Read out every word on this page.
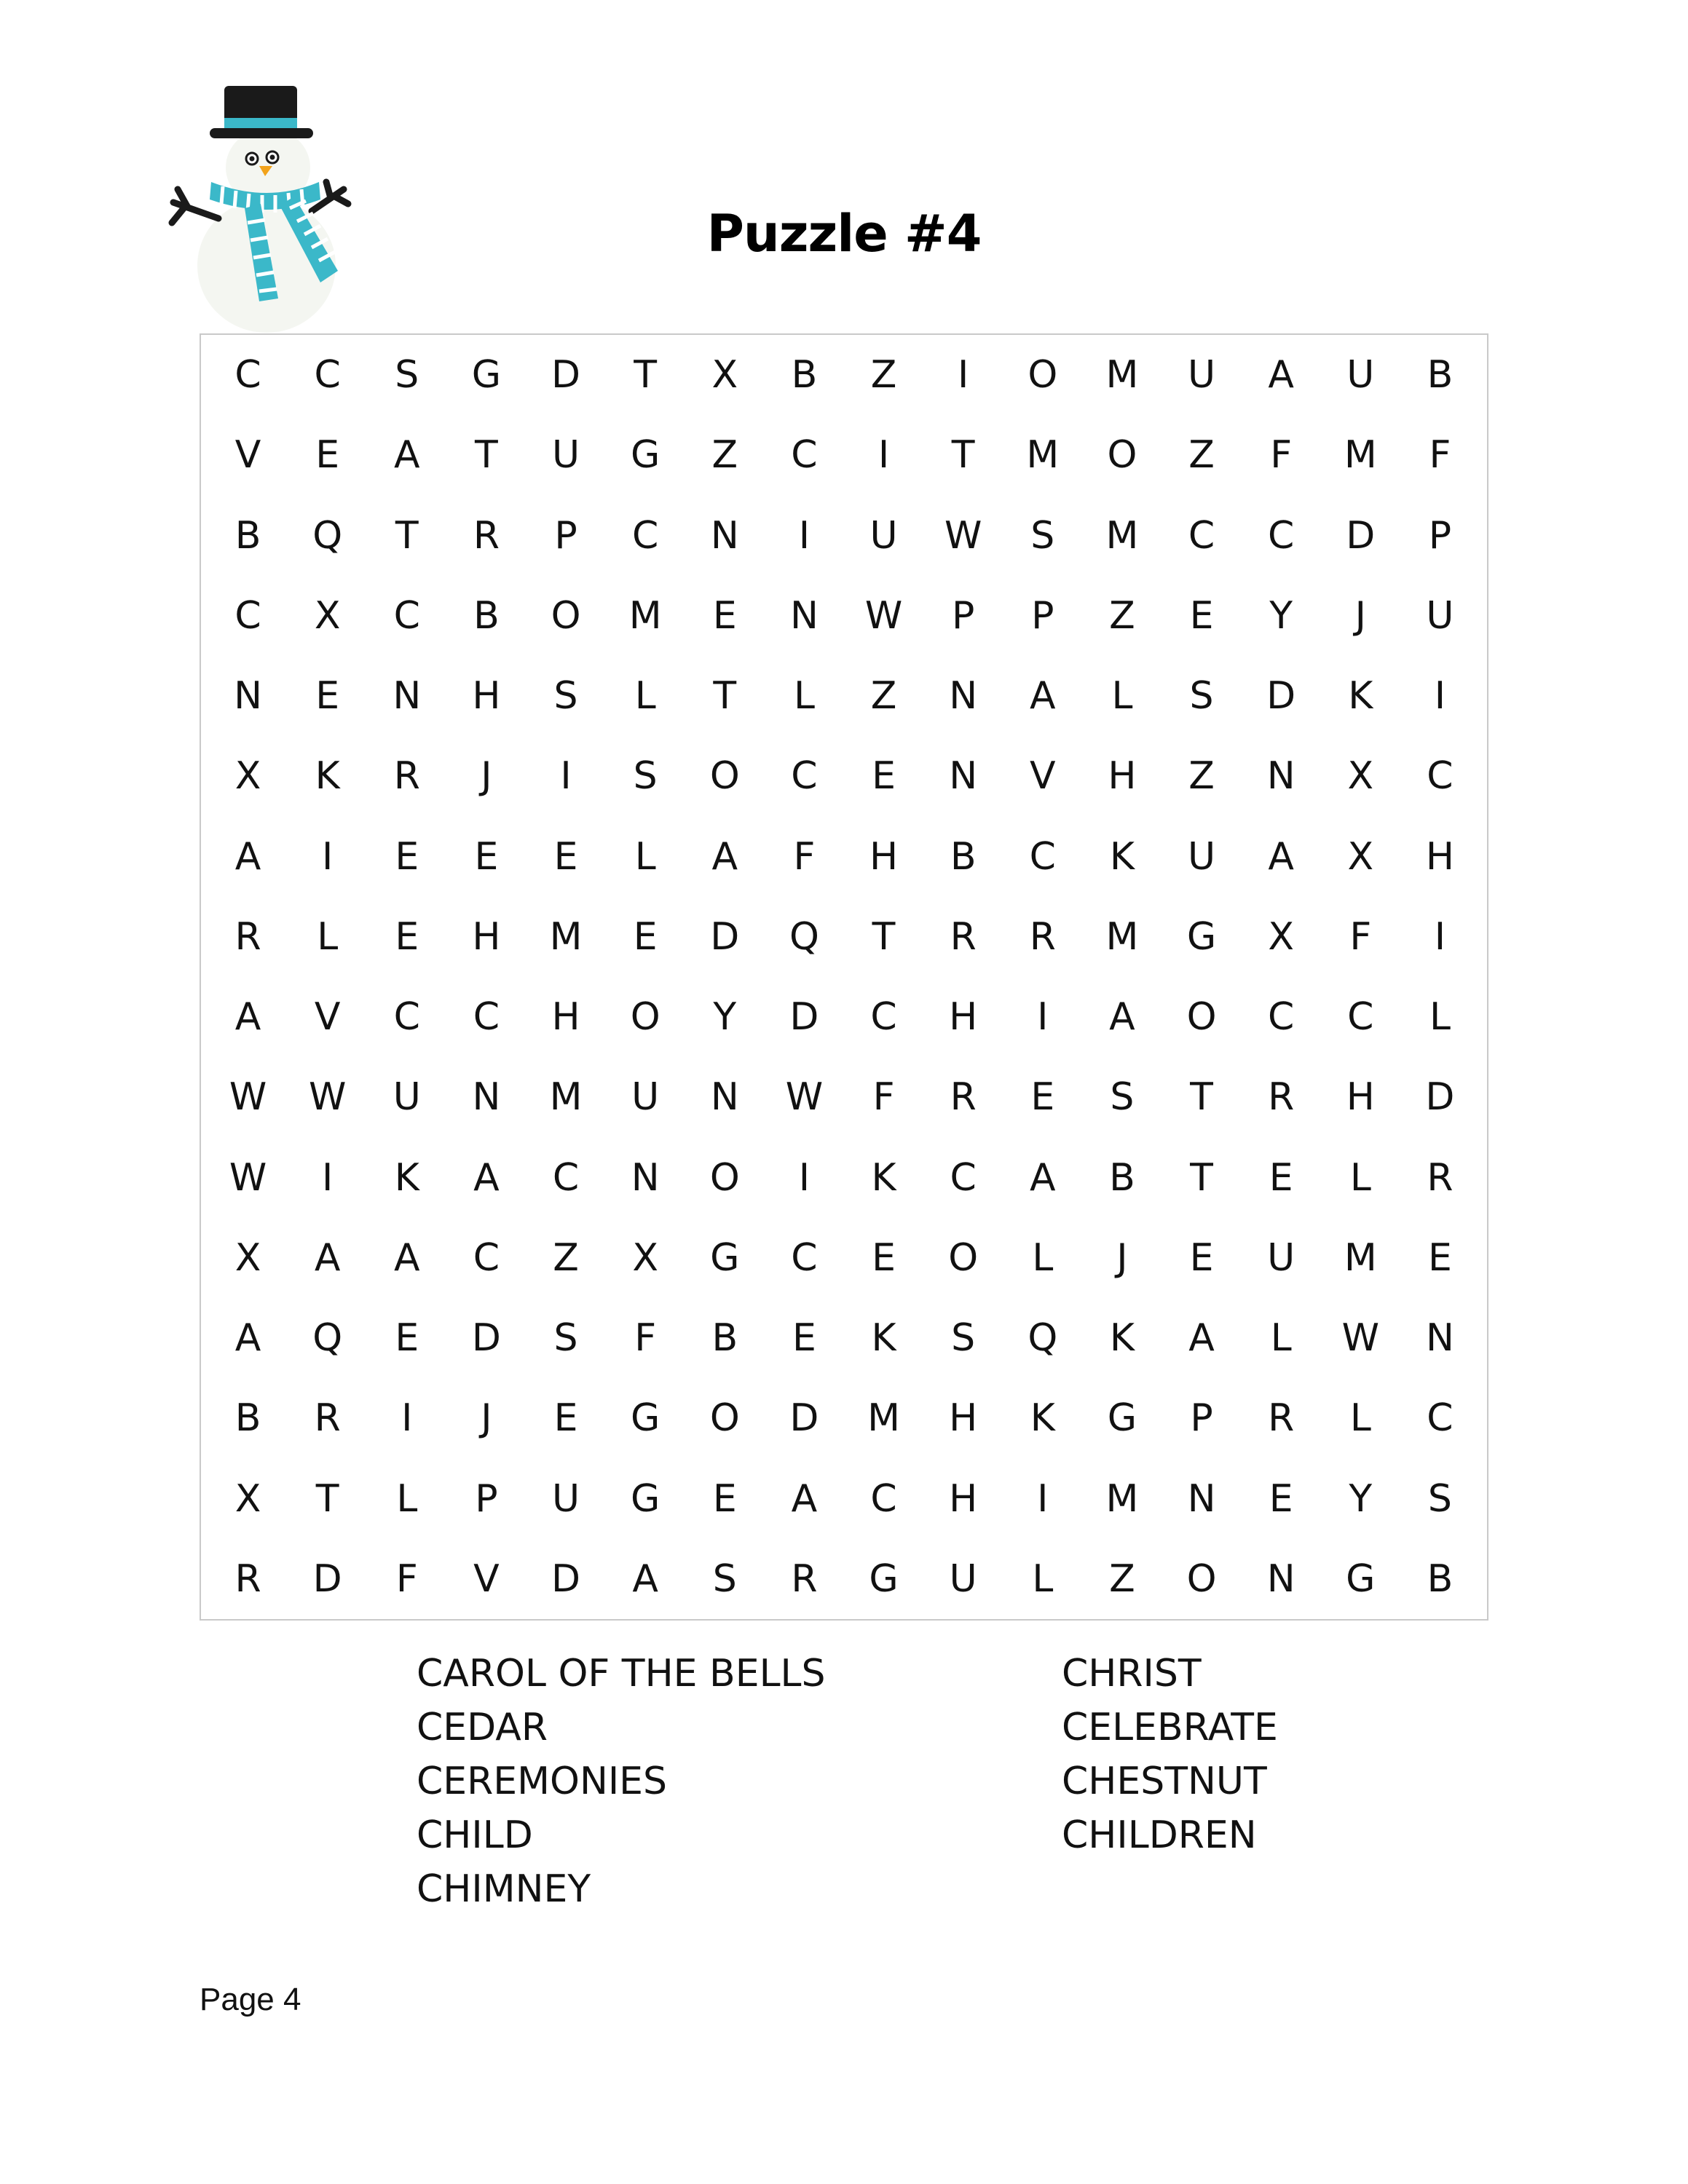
Puzzle #4
C	C	S	G	D	T	X	B	Z	I	O	M	U	A	U	B
V	E	A	T	U	G	Z	C	I	T	M	O	Z	F	M	F
B	Q	T	R	P	C	N	I	U	W	S	M	C	C	D	P
C	X	C	B	O	M	E	N	W	P	P	Z	E	Y	J	U
N	E	N	H	S	L	T	L	Z	N	A	L	S	D	K	I
X	K	R	J	I	S	O	C	E	N	V	H	Z	N	X	C
A	I	E	E	E	L	A	F	H	B	C	K	U	A	X	H
R	L	E	H	M	E	D	Q	T	R	R	M	G	X	F	I
A	V	C	C	H	O	Y	D	C	H	I	A	O	C	C	L
W	W	U	N	M	U	N	W	F	R	E	S	T	R	H	D
W	I	K	A	C	N	O	I	K	C	A	B	T	E	L	R
X	A	A	C	Z	X	G	C	E	O	L	J	E	U	M	E
A	Q	E	D	S	F	B	E	K	S	Q	K	A	L	W	N
B	R	I	J	E	G	O	D	M	H	K	G	P	R	L	C
X	T	L	P	U	G	E	A	C	H	I	M	N	E	Y	S
R	D	F	V	D	A	S	R	G	U	L	Z	O	N	G	B
CAROL OF THE BELLS
CEDAR
CEREMONIES
CHILD
CHIMNEY
CHRIST
CELEBRATE
CHESTNUT
CHILDREN
Page 4
